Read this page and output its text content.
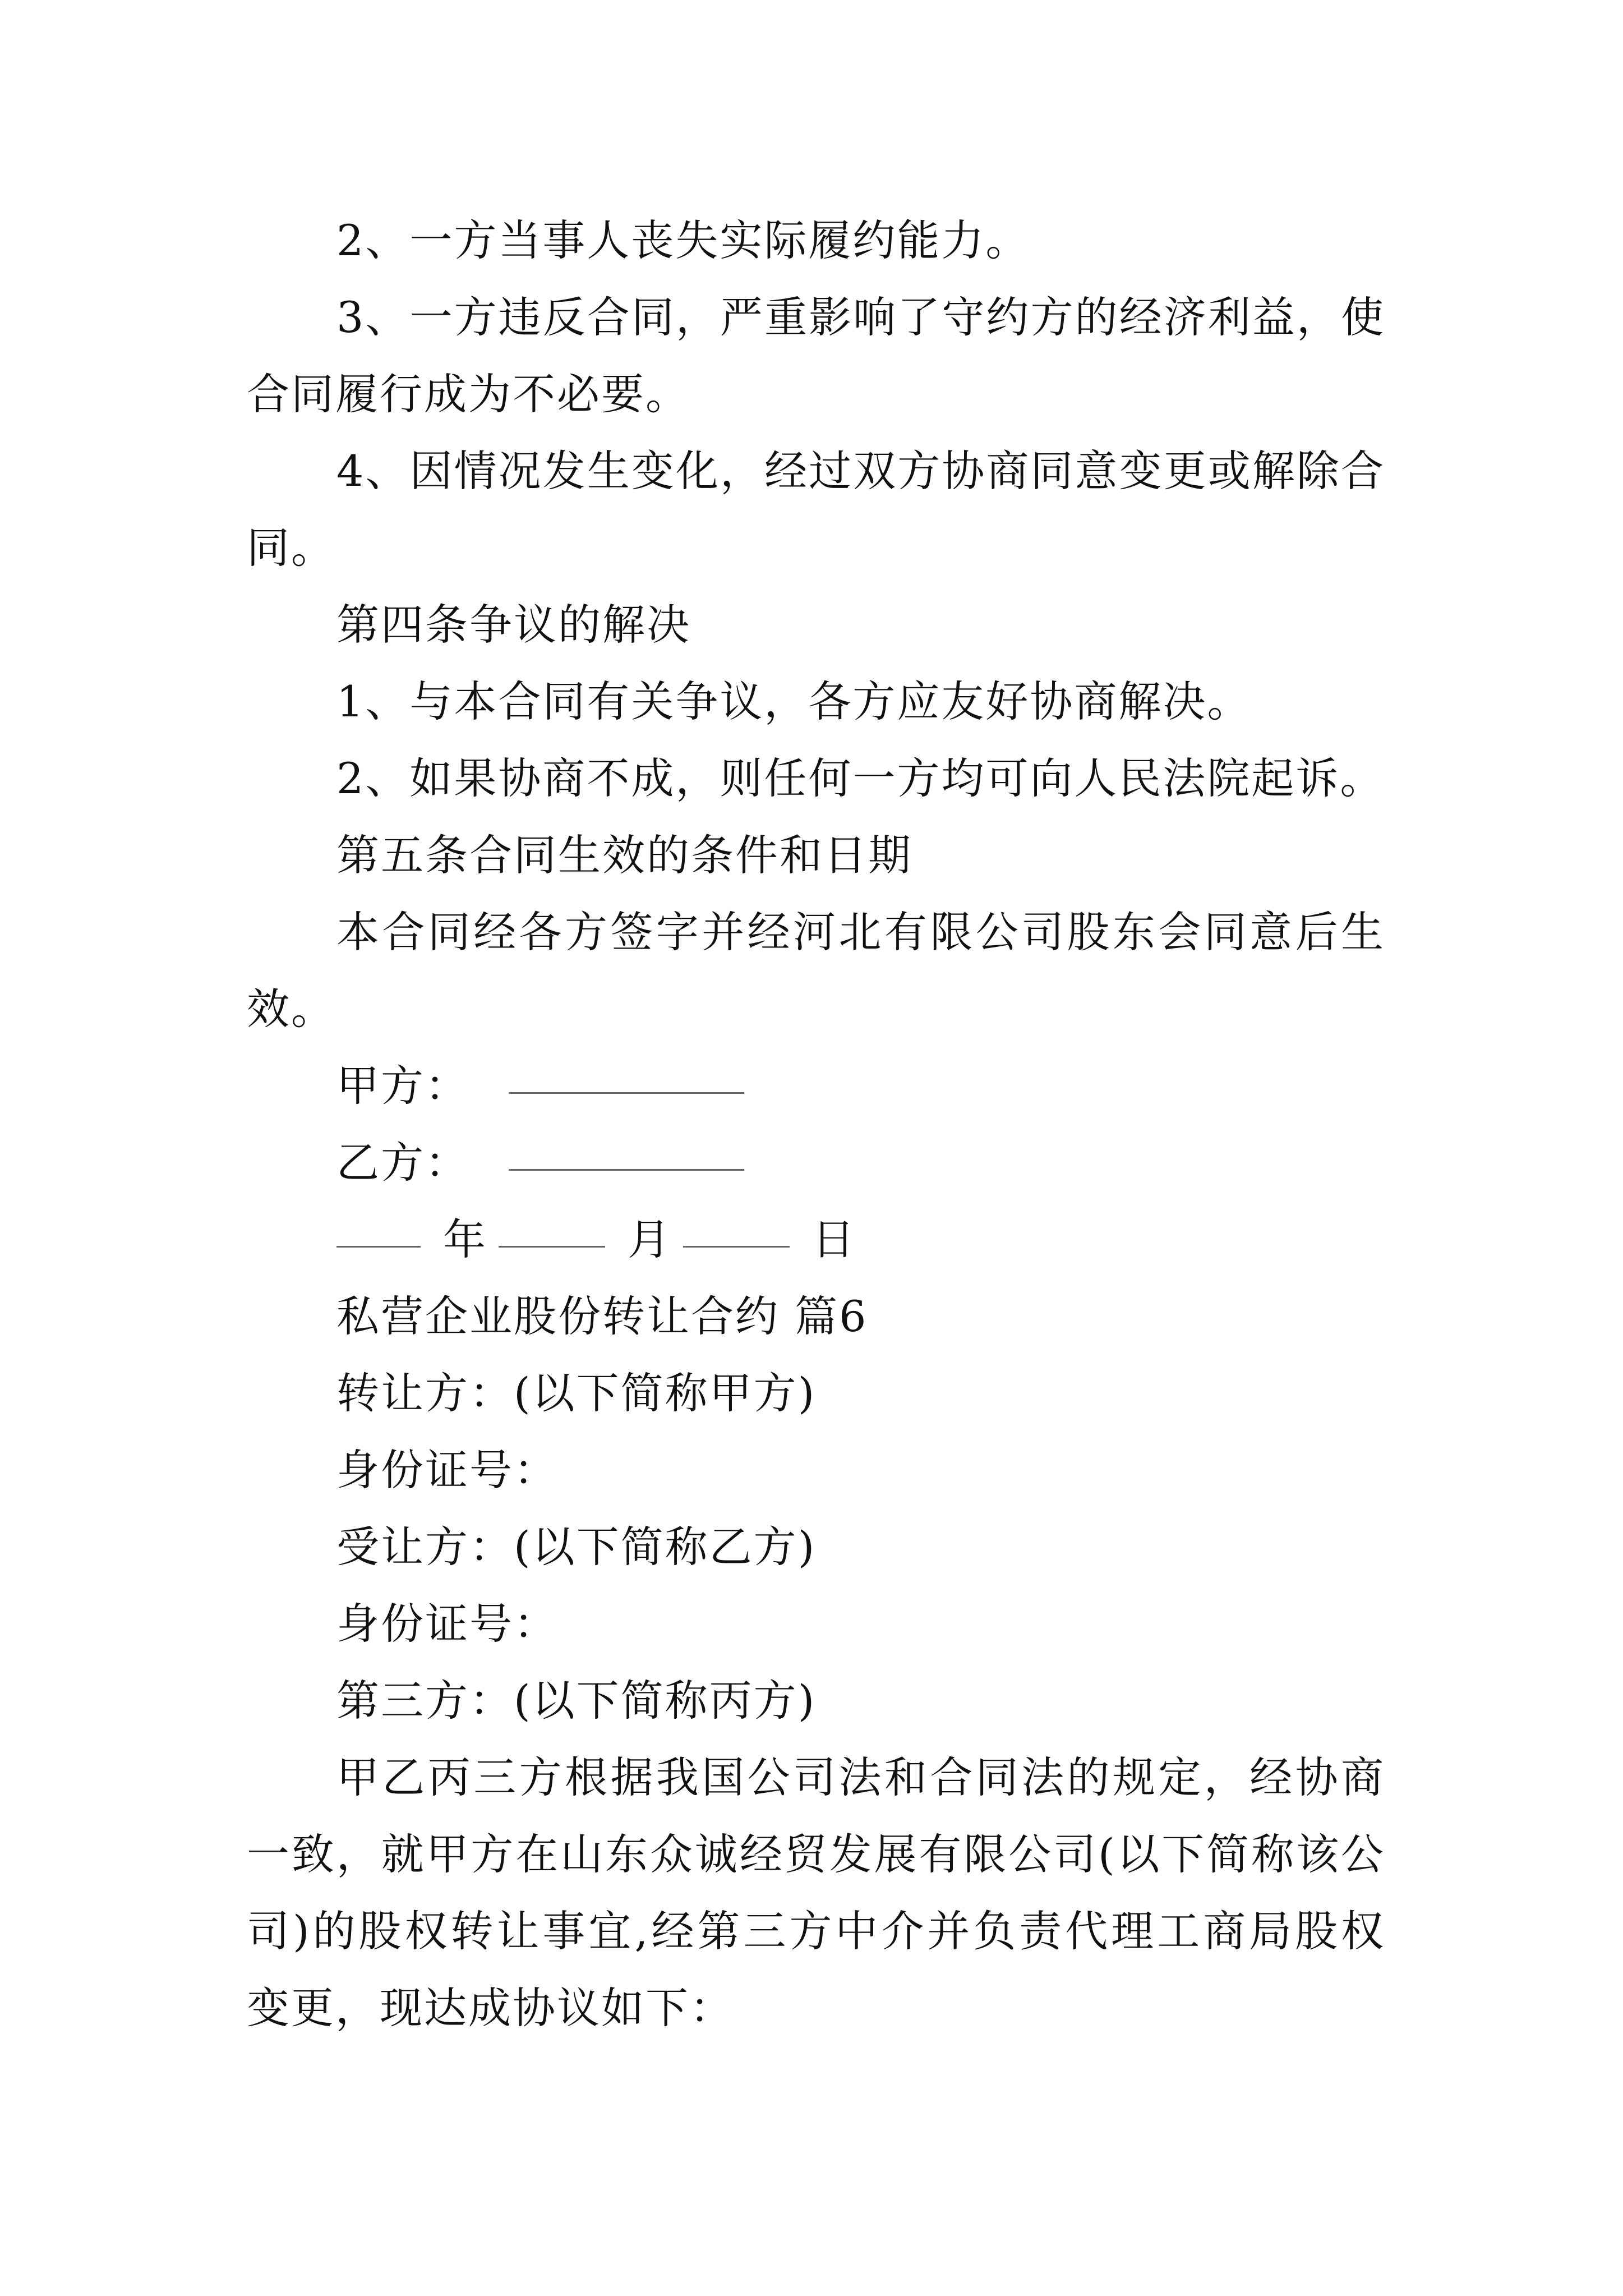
2、一方当事人丧失实际履约能力。

3、一方违反合同，严重影响了守约方的经济利益，使合同履行成为不必要。

4、因情况发生变化，经过双方协商同意变更或解除合同。

第四条争议的解决

1、与本合同有关争议，各方应友好协商解决。

2、如果协商不成，则任何一方均可向人民法院起诉。

第五条合同生效的条件和日期

本合同经各方签字并经河北有限公司股东会同意后生效。

甲方：

乙方：

年	月	日

私营企业股份转让合约 篇6

转让方：(以下简称甲方)

身份证号：

受让方：(以下简称乙方)

身份证号：

第三方：(以下简称丙方)

甲乙丙三方根据我国公司法和合同法的规定，经协商一致，就甲方在山东众诚经贸发展有限公司(以下简称该公司)的股权转让事宜,经第三方中介并负责代理工商局股权变更，现达成协议如下：
